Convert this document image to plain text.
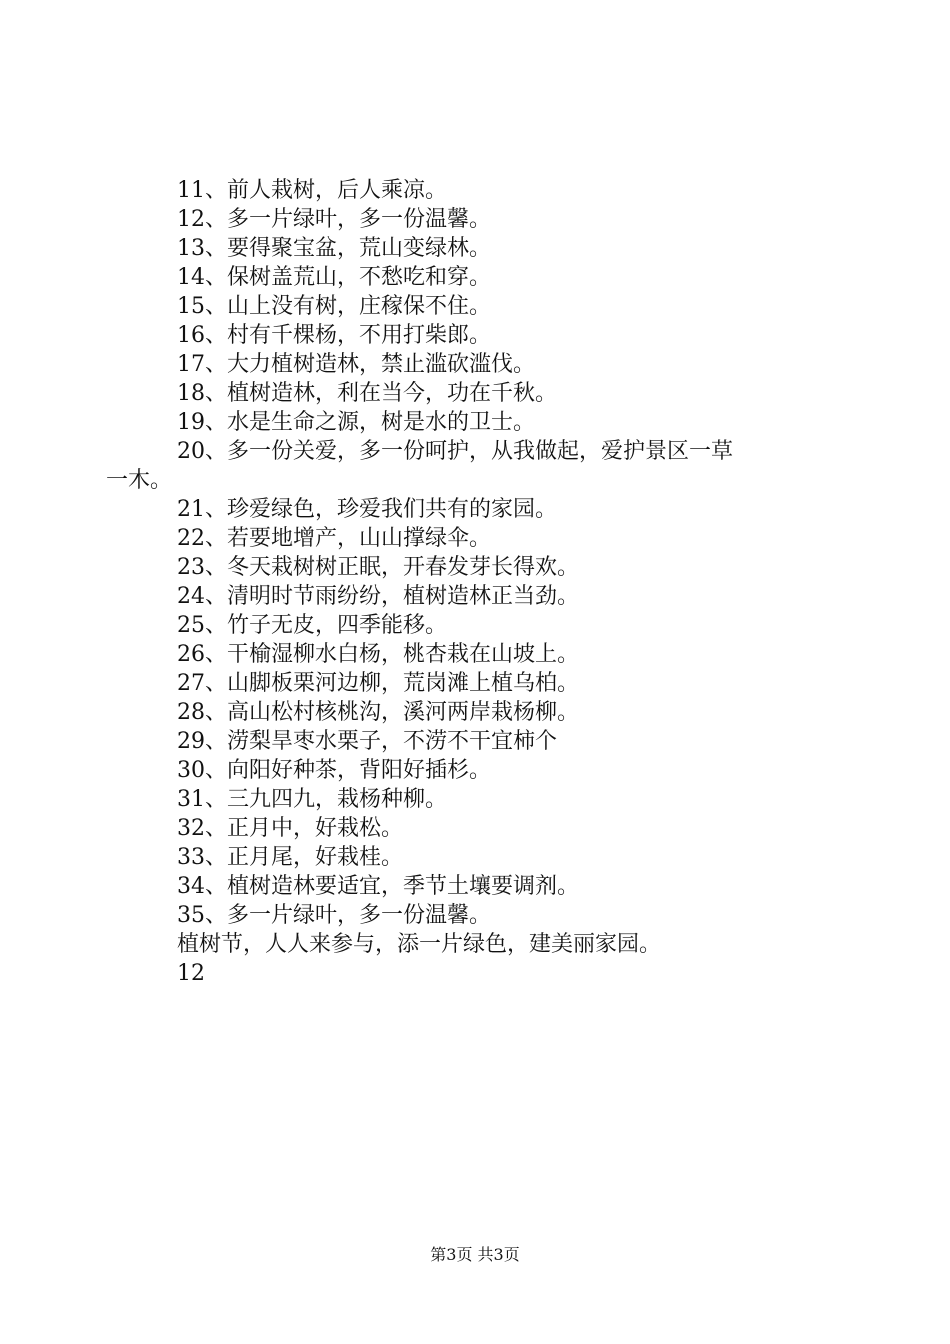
11、前人栽树，后人乘凉。
12、多一片绿叶，多一份温馨。
13、要得聚宝盆，荒山变绿林。
14、保树盖荒山，不愁吃和穿。
15、山上没有树，庄稼保不住。
16、村有千棵杨，不用打柴郎。
17、大力植树造林，禁止滥砍滥伐。
18、植树造林，利在当今，功在千秋。
19、水是生命之源，树是水的卫士。
20、多一份关爱，多一份呵护，从我做起，爱护景区一草
一木。
21、珍爱绿色，珍爱我们共有的家园。
22、若要地增产，山山撑绿伞。
23、冬天栽树树正眠，开春发芽长得欢。
24、清明时节雨纷纷，植树造林正当劲。
25、竹子无皮，四季能移。
26、干榆湿柳水白杨，桃杏栽在山坡上。
27、山脚板栗河边柳，荒岗滩上植乌柏。
28、高山松村核桃沟，溪河两岸栽杨柳。
29、涝梨旱枣水栗子，不涝不干宜柿个
30、向阳好种茶，背阳好插杉。
31、三九四九，栽杨种柳。
32、正月中，好栽松。
33、正月尾，好栽桂。
34、植树造林要适宜，季节土壤要调剂。
35、多一片绿叶，多一份温馨。
植树节，人人来参与，添一片绿色，建美丽家园。
12
第3页 共3页
